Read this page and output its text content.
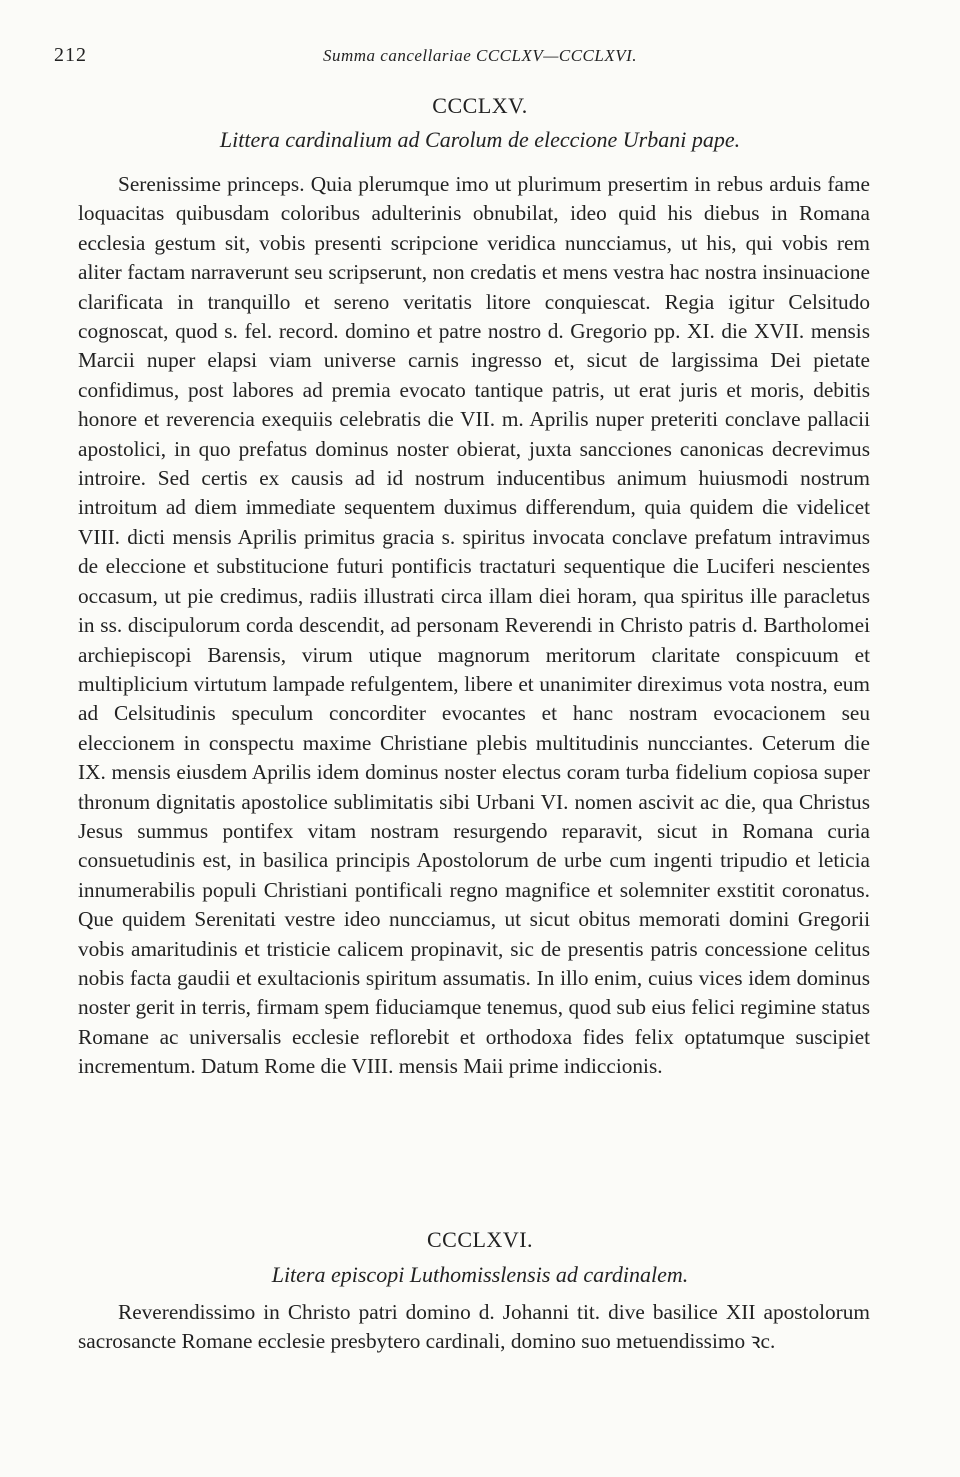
212	Summa cancellariae CCCLXV—CCCLXVI.
CCCLXV.
Littera cardinalium ad Carolum de eleccione Urbani pape.

Serenissime princeps. Quia plerumque imo ut plurimum presertim in rebus arduis fame loquacitas quibusdam coloribus adulterinis obnubilat, ideo quid his diebus in Romana ecclesia gestum sit, vobis presenti scripcione veridica nuncciamus, ut his, qui vobis rem aliter factam narraverunt seu scripserunt, non credatis et mens vestra hac nostra insinuacione clarificata in tranquillo et sereno veritatis litore conquiescat. Regia igitur Celsitudo cognoscat, quod s. fel. record. domino et patre nostro d. Gregorio pp. XI. die XVII. mensis Marcii nuper elapsi viam universe carnis ingresso et, sicut de largissima Dei pietate confidimus, post labores ad premia evocato tantique patris, ut erat juris et moris, debitis honore et reverencia exequiis celebratis die VII. m. Aprilis nuper preteriti conclave pallacii apostolici, in quo prefatus dominus noster obierat, juxta sancciones canonicas decrevimus introire. Sed certis ex causis ad id nostrum inducentibus animum huiusmodi nostrum introitum ad diem immediate sequentem duximus differendum, quia quidem die videlicet VIII. dicti mensis Aprilis primitus gracia s. spiritus invocata conclave prefatum intravimus de eleccione et substitucione futuri pontificis tractaturi sequentique die Luciferi nescientes occasum, ut pie credimus, radiis illustrati circa illam diei horam, qua spiritus ille paracletus in ss. discipulorum corda descendit, ad personam Reverendi in Christo patris d. Bartholomei archiepiscopi Barensis, virum utique magnorum meritorum claritate conspicuum et multiplicium virtutum lampade refulgentem, libere et unanimiter direximus vota nostra, eum ad Celsitudinis speculum concorditer evocantes et hanc nostram evocacionem seu eleccionem in conspectu maxime Christiane plebis multitudinis nuncciantes. Ceterum die IX. mensis eiusdem Aprilis idem dominus noster electus coram turba fidelium copiosa super thronum dignitatis apostolice sublimitatis sibi Urbani VI. nomen ascivit ac die, qua Christus Jesus summus pontifex vitam nostram resurgendo reparavit, sicut in Romana curia consuetudinis est, in basilica principis Apostolorum de urbe cum ingenti tripudio et leticia innumerabilis populi Christiani pontificali regno magnifice et solemniter exstitit coronatus. Que quidem Serenitati vestre ideo nuncciamus, ut sicut obitus memorati domini Gregorii vobis amaritudinis et tristicie calicem propinavit, sic de presentis patris concessione celitus nobis facta gaudii et exultacionis spiritum assumatis. In illo enim, cuius vices idem dominus noster gerit in terris, firmam spem fiduciamque tenemus, quod sub eius felici regimine status Romane ac universalis ecclesie reflorebit et orthodoxa fides felix optatumque suscipiet incrementum. Datum Rome die VIII. mensis Maii prime indiccionis.

CCCLXVI.
Litera episcopi Luthomisslensis ad cardinalem.

Reverendissimo in Christo patri domino d. Johanni tit. dive basilice XII apostolorum sacrosancte Romane ecclesie presbytero cardinali, domino suo metuendissimo ꝛc.
